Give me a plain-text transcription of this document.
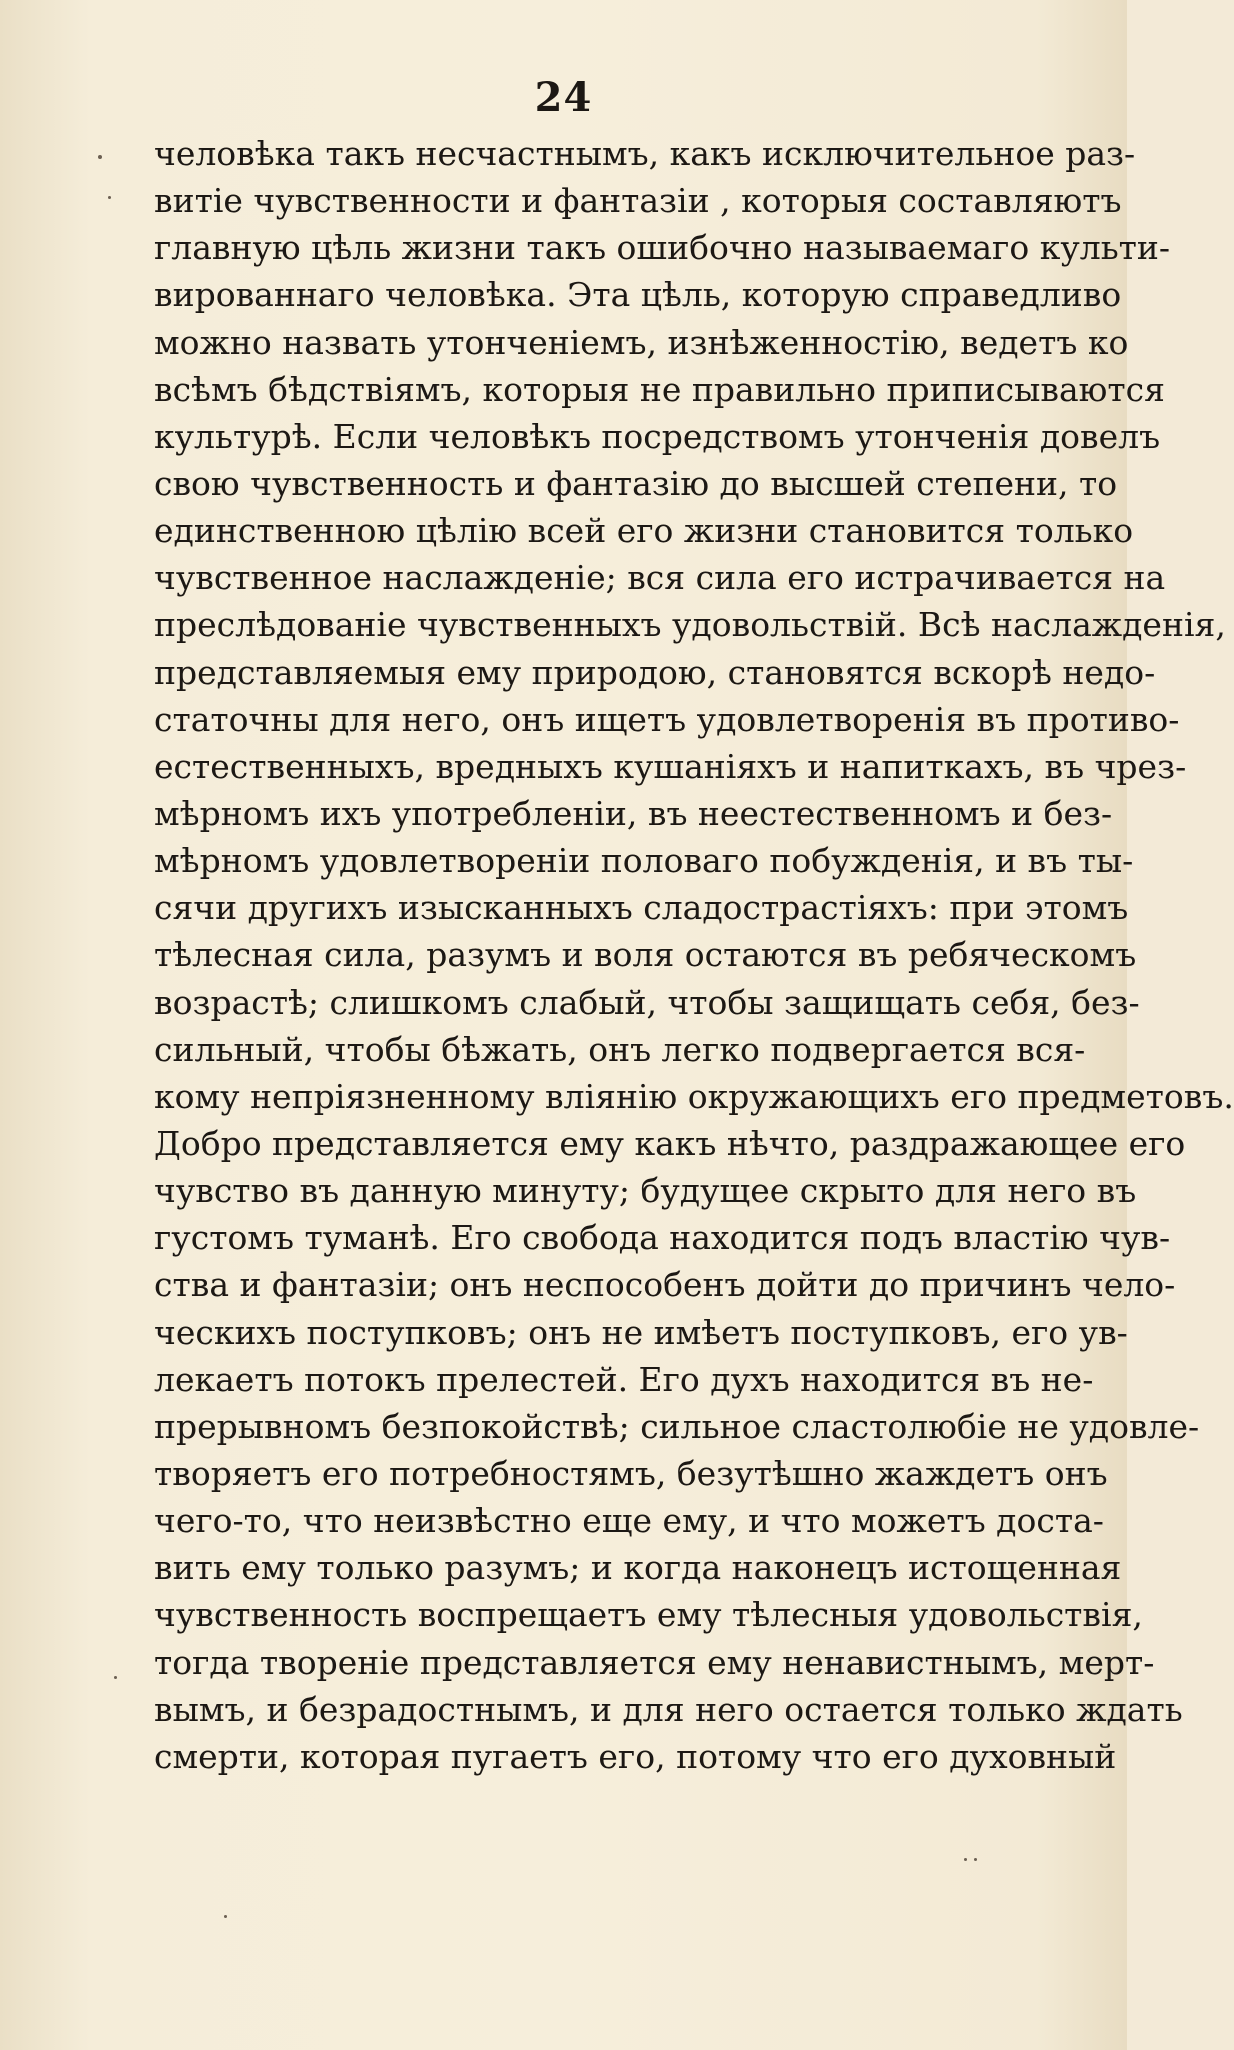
24
человѣка такъ несчастнымъ, какъ исключительное раз-
витіе чувственности и фантазіи , которыя составляютъ
главную цѣль жизни такъ ошибочно называемаго культи-
вированнаго человѣка. Эта цѣль, которую справедливо
можно назвать утонченіемъ, изнѣженностію, ведетъ ко
всѣмъ бѣдствіямъ, которыя не правильно приписываются
культурѣ. Если человѣкъ посредствомъ утонченія довелъ
свою чувственность и фантазію до высшей степени, то
единственною цѣлію всей его жизни становится только
чувственное наслажденіе; вся сила его истрачивается на
преслѣдованіе чувственныхъ удовольствій. Всѣ наслажденія,
представляемыя ему природою, становятся вскорѣ недо-
статочны для него, онъ ищетъ удовлетворенія въ противо-
естественныхъ, вредныхъ кушаніяхъ и напиткахъ, въ чрез-
мѣрномъ ихъ употребленіи, въ неестественномъ и без-
мѣрномъ удовлетвореніи половаго побужденія, и въ ты-
сячи другихъ изысканныхъ сладострастіяхъ: при этомъ
тѣлесная сила, разумъ и воля остаются въ ребяческомъ
возрастѣ; слишкомъ слабый, чтобы защищать себя, без-
сильный, чтобы бѣжать, онъ легко подвергается вся-
кому непріязненному вліянію окружающихъ его предметовъ.
Добро представляется ему какъ нѣчто, раздражающее его
чувство въ данную минуту; будущее скрыто для него въ
густомъ туманѣ. Его свобода находится подъ властію чув-
ства и фантазіи; онъ неспособенъ дойти до причинъ чело-
ческихъ поступковъ; онъ не имѣетъ поступковъ, его ув-
лекаетъ потокъ прелестей. Его духъ находится въ не-
прерывномъ безпокойствѣ; сильное сластолюбіе не удовле-
творяетъ его потребностямъ, безутѣшно жаждетъ онъ
чего-то, что неизвѣстно еще ему, и что можетъ доста-
вить ему только разумъ; и когда наконецъ истощенная
чувственность воспрещаетъ ему тѣлесныя удовольствія,
тогда твореніе представляется ему ненавистнымъ, мерт-
вымъ, и безрадостнымъ, и для него остается только ждать
смерти, которая пугаетъ его, потому что его духовный
